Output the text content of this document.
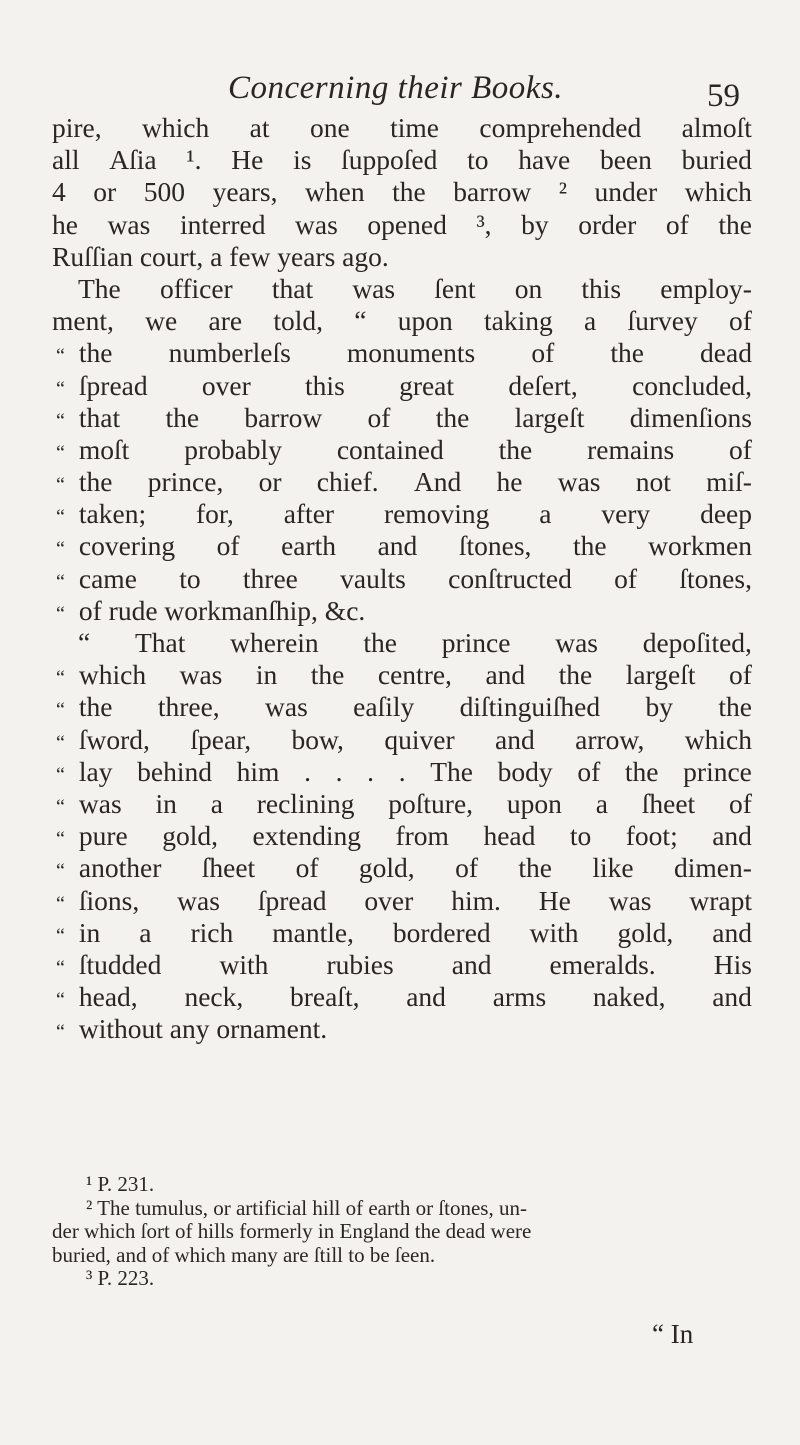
Concerning their Books.	59
pire, which at one time comprehended almoſt
all Aſia ¹. He is ſuppoſed to have been buried
4 or 500 years, when the barrow ² under which
he was interred was opened ³, by order of the
Ruſſian court, a few years ago.
The officer that was ſent on this employ-
ment, we are told, “ upon taking a ſurvey of
“ the numberleſs monuments of the dead
“ ſpread over this great deſert, concluded,
“ that the barrow of the largeſt dimenſions
“ moſt probably contained the remains of
“ the prince, or chief. And he was not miſ-
“ taken; for, after removing a very deep
“ covering of earth and ſtones, the workmen
“ came to three vaults conſtructed of ſtones,
“ of rude workmanſhip, &c.
“ That wherein the prince was depoſited,
“ which was in the centre, and the largeſt of
“ the three, was eaſily diſtinguiſhed by the
“ ſword, ſpear, bow, quiver and arrow, which
“ lay behind him . . . . The body of the prince
“ was in a reclining poſture, upon a ſheet of
“ pure gold, extending from head to foot; and
“ another ſheet of gold, of the like dimen-
“ ſions, was ſpread over him. He was wrapt
“ in a rich mantle, bordered with gold, and
“ ſtudded with rubies and emeralds. His
“ head, neck, breaſt, and arms naked, and
“ without any ornament.
¹ P. 231.
² The tumulus, or artificial hill of earth or ſtones, un-
der which ſort of hills formerly in England the dead were
buried, and of which many are ſtill to be ſeen.
³ P. 223.
“ In
